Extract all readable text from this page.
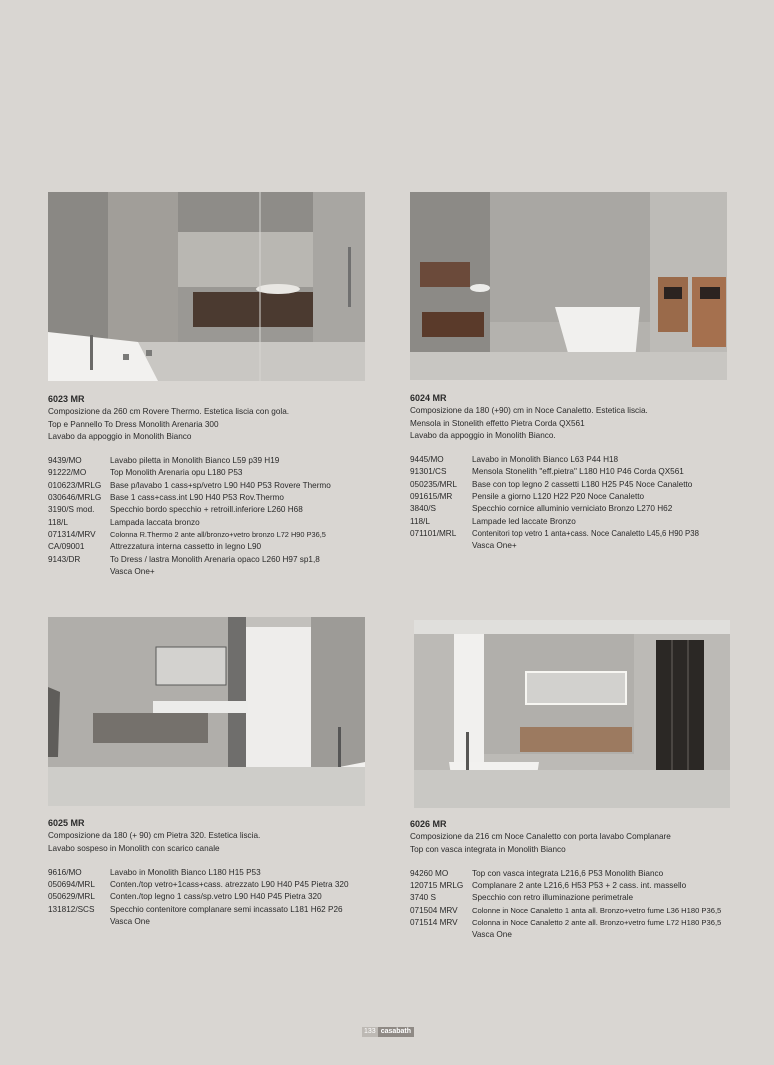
6023 MR
Composizione da 260 cm Rovere Thermo. Estetica liscia con gola.
Top e Pannello To Dress Monolith Arenaria 300
Lavabo da appoggio in Monolith Bianco
9439/MO	Lavabo piletta in Monolith Bianco L59 p39 H19
91222/MO	Top Monolith Arenaria opu L180 P53
010623/MRLG	Base p/lavabo 1 cass+sp/vetro L90 H40 P53 Rovere Thermo
030646/MRLG	Base 1 cass+cass.int L90 H40 P53 Rov.Thermo
3190/S mod.	Specchio bordo specchio + retroill.inferiore L260 H68
118/L	Lampada laccata bronzo
071314/MRV	Colonna R.Thermo 2 ante all/bronzo+vetro bronzo L72 H90 P36,5
CA/09001	Attrezzatura interna cassetto in legno L90
9143/DR	To Dress / lastra Monolith Arenaria opaco L260 H97 sp1,8
Vasca One+
6024 MR
Composizione da 180 (+90) cm in Noce Canaletto. Estetica liscia.
Mensola in Stonelith effetto Pietra Corda QX561
Lavabo da appoggio in Monolith Bianco.
9445/MO	Lavabo in Monolith Bianco L63 P44 H18
91301/CS	Mensola Stonelith "eff.pietra" L180 H10 P46 Corda QX561
050235/MRL	Base con top legno 2 cassetti L180 H25 P45 Noce Canaletto
091615/MR	Pensile a giorno L120 H22 P20 Noce Canaletto
3840/S	Specchio cornice alluminio verniciato Bronzo L270 H62
118/L	Lampade led laccate Bronzo
071101/MRL	Contenitori top vetro 1 anta+cass. Noce Canaletto L45,6 H90 P38
Vasca One+
6025 MR
Composizione da 180 (+ 90) cm Pietra 320. Estetica liscia.
Lavabo sospeso in Monolith con scarico canale
9616/MO	Lavabo in Monolith Bianco L180 H15 P53
050694/MRL	Conten./top vetro+1cass+cass. atrezzato L90 H40 P45 Pietra 320
050629/MRL	Conten./top legno 1 cass/sp.vetro L90 H40 P45 Pietra 320
131812/SCS	Specchio contenitore complanare semi incassato L181 H62 P26
Vasca One
6026 MR
Composizione da 216 cm Noce Canaletto con porta lavabo Complanare
Top con vasca integrata in Monolith Bianco
94260 MO	Top con vasca integrata L216,6 P53 Monolith Bianco
120715 MRLG	Complanare 2 ante L216,6 H53 P53 + 2 cass. int. massello
3740 S	Specchio con retro illuminazione perimetrale
071504 MRV	Colonne in Noce Canaletto 1 anta all. Bronzo+vetro fume L36 H180 P36,5
071514 MRV	Colonna in Noce Canaletto 2 ante all. Bronzo+vetro fume L72 H180 P36,5
Vasca One
133 casabath
